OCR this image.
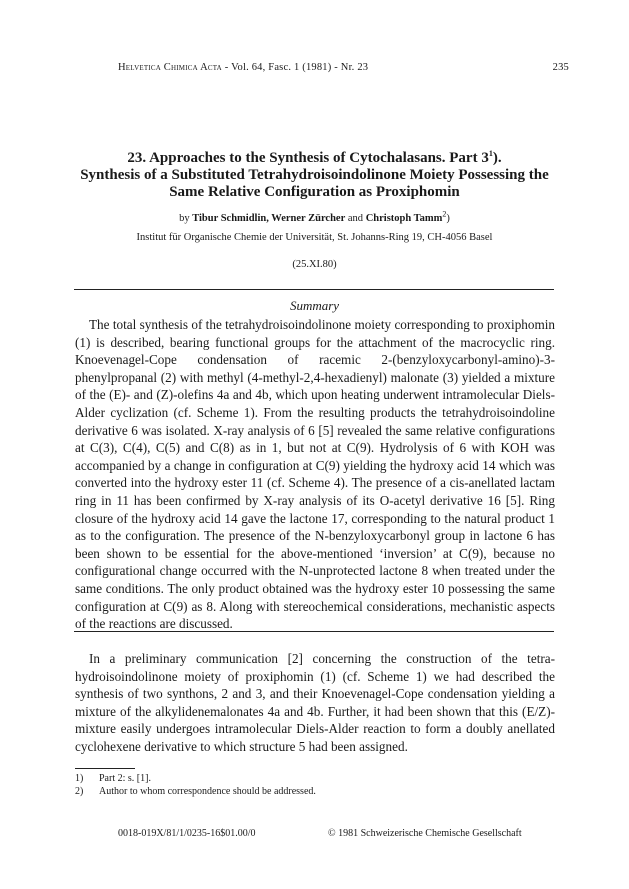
Helvetica Chimica Acta - Vol. 64, Fasc. 1 (1981) - Nr. 23	235
23. Approaches to the Synthesis of Cytochalasans. Part $3^1$).
Synthesis of a Substituted Tetrahydroisoindolinone Moiety Possessing the
Same Relative Configuration as Proxiphomin
by Tibur Schmidlin, Werner Zürcher and Christoph Tamm$^2$)
Institut für Organische Chemie der Universität, St. Johanns-Ring 19, CH-4056 Basel
(25.XI.80)
Summary

The total synthesis of the tetrahydroisoindolinone moiety corresponding to proxiphomin (1) is described, bearing functional groups for the attachment of the macrocyclic ring. Knoevenagel-Cope condensation of racemic 2-(benzyloxycarbonyl-amino)-3-phenylpropanal (2) with methyl (4-methyl-2,4-hexadienyl) malonate (3) yielded a mixture of the (E)- and (Z)-olefins 4a and 4b, which upon heating underwent intramolecular Diels-Alder cyclization (cf. Scheme 1). From the resulting products the tetrahydroisoindoline derivative 6 was isolated. X-ray analysis of 6 [5] revealed the same relative configurations at C(3), C(4), C(5) and C(8) as in 1, but not at C(9). Hydrolysis of 6 with KOH was accompanied by a change in configuration at C(9) yielding the hydroxy acid 14 which was converted into the hydroxy ester 11 (cf. Scheme 4). The presence of a cis-anellated lactam ring in 11 has been confirmed by X-ray analysis of its O-acetyl derivative 16 [5]. Ring closure of the hydroxy acid 14 gave the lactone 17, corresponding to the natural product 1 as to the configuration. The presence of the N-benzyloxycarbonyl group in lactone 6 has been shown to be essential for the above-mentioned ‘inversion’ at C(9), because no configurational change occurred with the N-unprotected lactone 8 when treated under the same conditions. The only product obtained was the hydroxy ester 10 possessing the same configuration at C(9) as 8. Along with stereochemical considerations, mechanistic aspects of the reactions are discussed.

In a preliminary communication [2] concerning the construction of the tetra-hydroisoindolinone moiety of proxiphomin (1) (cf. Scheme 1) we had described the synthesis of two synthons, 2 and 3, and their Knoevenagel-Cope condensation yielding a mixture of the alkylidenemalonates 4a and 4b. Further, it had been shown that this (E/Z)-mixture easily undergoes intramolecular Diels-Alder reaction to form a doubly anellated cyclohexene derivative to which structure 5 had been assigned.

1) Part 2: s. [1].
2) Author to whom correspondence should be addressed.
0018-019X/81/1/0235-16$01.00/0	© 1981 Schweizerische Chemische Gesellschaft
